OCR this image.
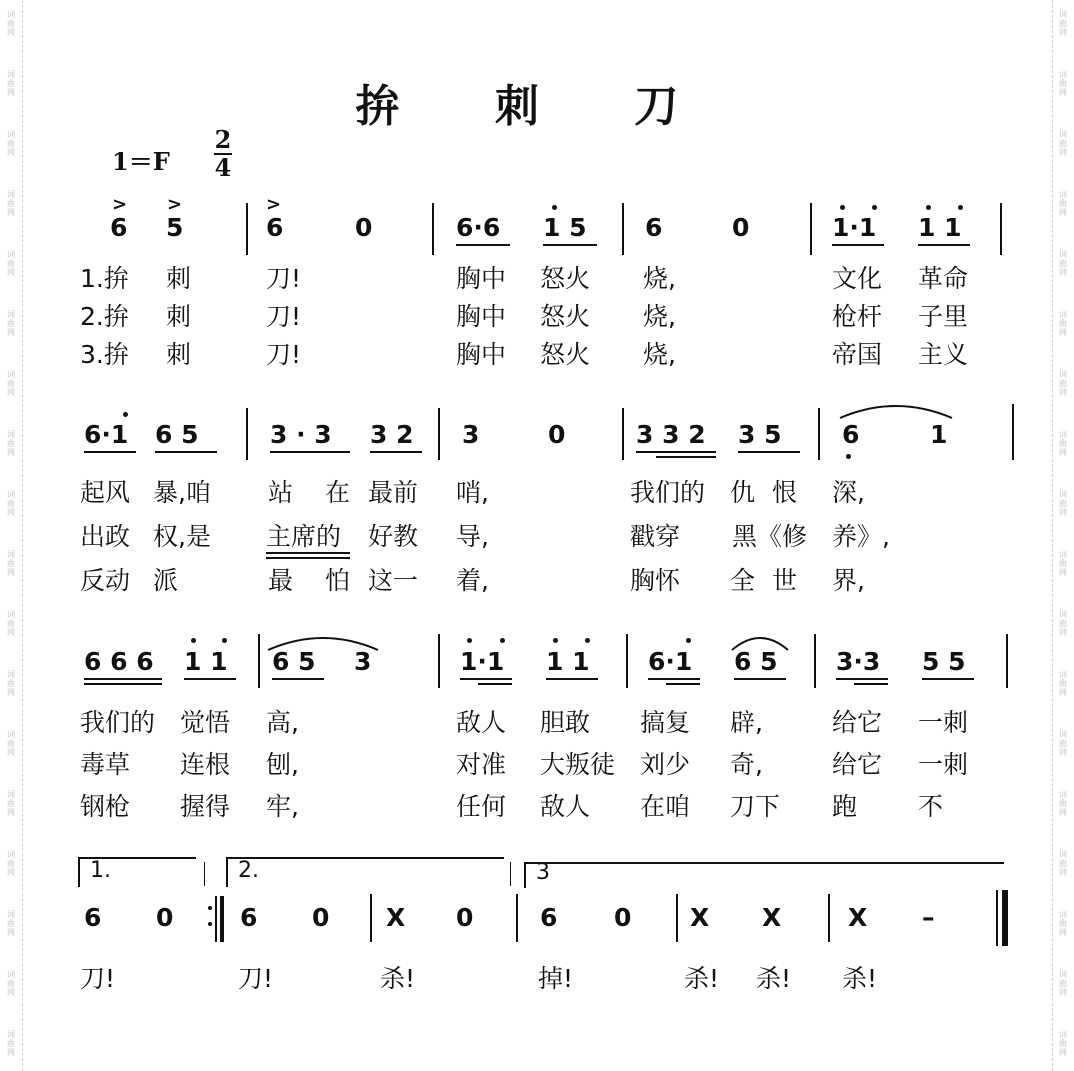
拚 刺 刀
1＝F
2
4
> >	>
6 5	6	0	6·6 1 5 6	0	1·1 1 1
1.拚 刺	刀!	胸中 怒火 烧,	文化 革命
2.拚 刺	刀!	胸中 怒火 烧,	枪杆 子里
3.拚 刺	刀!	胸中 怒火 烧,	帝国 主义
6·1 6 5	3 · 3 3 2 3	0	3 3 2 3 5 6	1
起风 暴,咱 站 在 最前 哨,	我们的 仇 恨 深,
出政 权,是 主席的 好教 导,	戳穿 黑《修 养》,
反动 派	最 怕 这一 着,	胸怀 全 世 界,
6 6 6 1 1 6 5 3	1·1 1 1 6·1 6 5 3·3 5 5
我们的 觉悟 高,	敌人 胆敢 搞复 辟,	给它 一刺
毒草 连根 刨,	对准 大叛徒 刘少 奇,	给它 一刺
钢枪 握得 牢,	任何 敌人 在咱 刀下 跑 不
1.	2.	3
6 0	6 0 X 0	6 0 X X	X –
刀!	刀!	杀!	掉!	杀! 杀! 杀!
词
曲
网
词
曲
网
词
曲
网
词
曲
网
词
曲
网
词
曲
网
词
曲
网
词
曲
网
词
曲
网
词
曲
网
词
曲
网
词
曲
网
词
曲
网
词
曲
网
词
曲
网
词
曲
网
词
曲
网
词
曲
网
词
曲
网
词
曲
网
词
曲
网
词
曲
网
词
曲
网
词
曲
网
词
曲
网
词
曲
网
词
曲
网
词
曲
网
词
曲
网
词
曲
网
词
曲
网
词
曲
网
词
曲
网
词
曲
网
词
曲
网
词
曲
网
